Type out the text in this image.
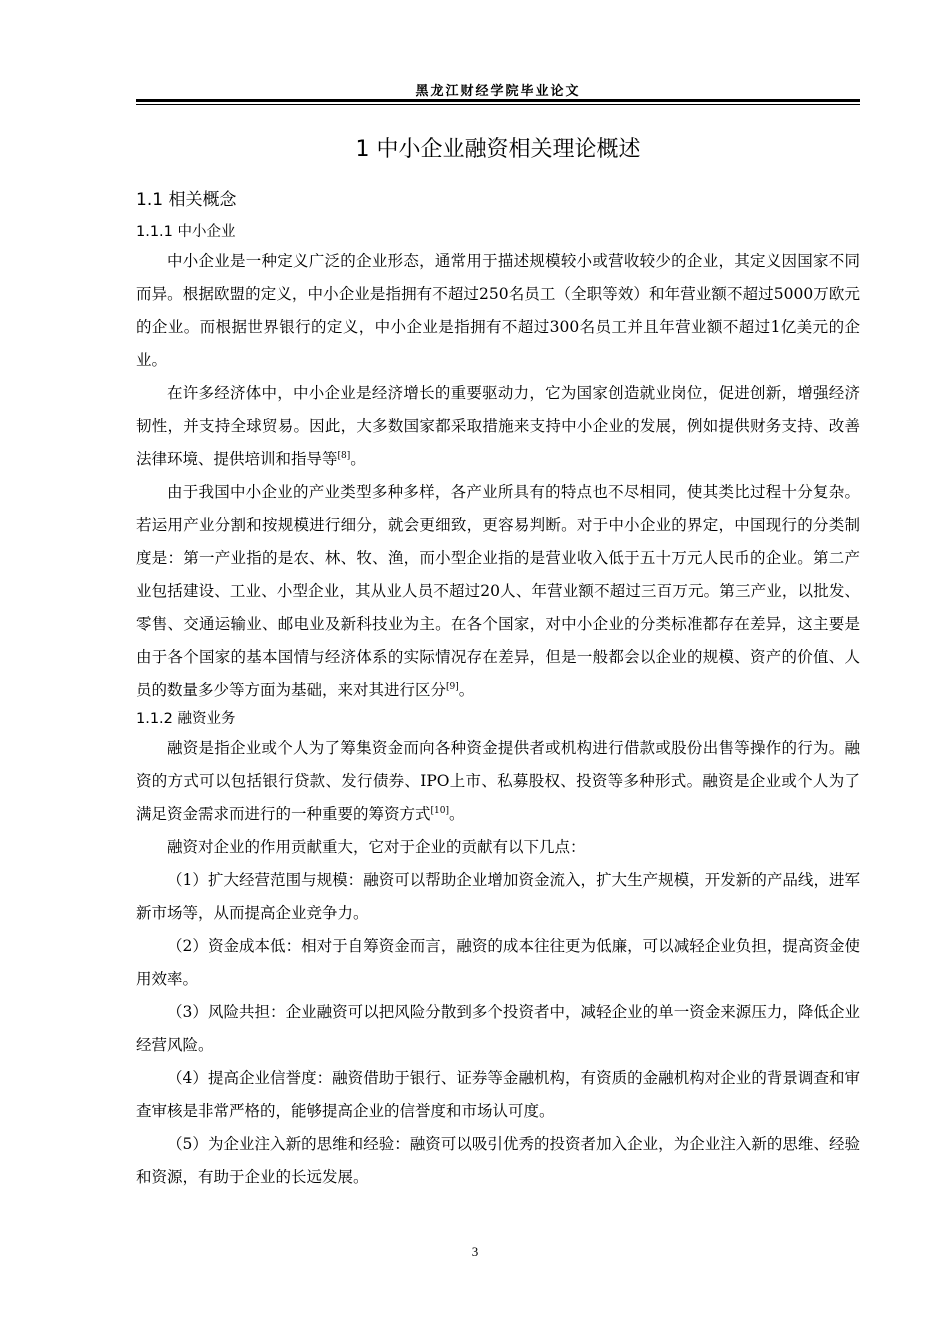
黑龙江财经学院毕业论文
1 中小企业融资相关理论概述
1.1 相关概念
1.1.1 中小企业

中小企业是一种定义广泛的企业形态，通常用于描述规模较小或营收较少的企业，其定义因国家不同而异。根据欧盟的定义，中小企业是指拥有不超过250名员工（全职等效）和年营业额不超过5000万欧元的企业。而根据世界银行的定义，中小企业是指拥有不超过300名员工并且年营业额不超过1亿美元的企业。

在许多经济体中，中小企业是经济增长的重要驱动力，它为国家创造就业岗位，促进创新，增强经济韧性，并支持全球贸易。因此，大多数国家都采取措施来支持中小企业的发展，例如提供财务支持、改善法律环境、提供培训和指导等[8]。

由于我国中小企业的产业类型多种多样，各产业所具有的特点也不尽相同，使其类比过程十分复杂。若运用产业分割和按规模进行细分，就会更细致，更容易判断。对于中小企业的界定，中国现行的分类制度是：第一产业指的是农、林、牧、渔，而小型企业指的是营业收入低于五十万元人民币的企业。第二产业包括建设、工业、小型企业，其从业人员不超过20人、年营业额不超过三百万元。第三产业，以批发、零售、交通运输业、邮电业及新科技业为主。在各个国家，对中小企业的分类标准都存在差异，这主要是由于各个国家的基本国情与经济体系的实际情况存在差异，但是一般都会以企业的规模、资产的价值、人员的数量多少等方面为基础，来对其进行区分[9]。

1.1.2 融资业务

融资是指企业或个人为了筹集资金而向各种资金提供者或机构进行借款或股份出售等操作的行为。融资的方式可以包括银行贷款、发行债券、IPO上市、私募股权、投资等多种形式。融资是企业或个人为了满足资金需求而进行的一种重要的筹资方式[10]。

融资对企业的作用贡献重大，它对于企业的贡献有以下几点：

（1）扩大经营范围与规模：融资可以帮助企业增加资金流入，扩大生产规模，开发新的产品线，进军新市场等，从而提高企业竞争力。

（2）资金成本低：相对于自筹资金而言，融资的成本往往更为低廉，可以减轻企业负担，提高资金使用效率。

（3）风险共担：企业融资可以把风险分散到多个投资者中，减轻企业的单一资金来源压力，降低企业经营风险。

（4）提高企业信誉度：融资借助于银行、证券等金融机构，有资质的金融机构对企业的背景调查和审查审核是非常严格的，能够提高企业的信誉度和市场认可度。

（5）为企业注入新的思维和经验：融资可以吸引优秀的投资者加入企业，为企业注入新的思维、经验和资源，有助于企业的长远发展。

3
